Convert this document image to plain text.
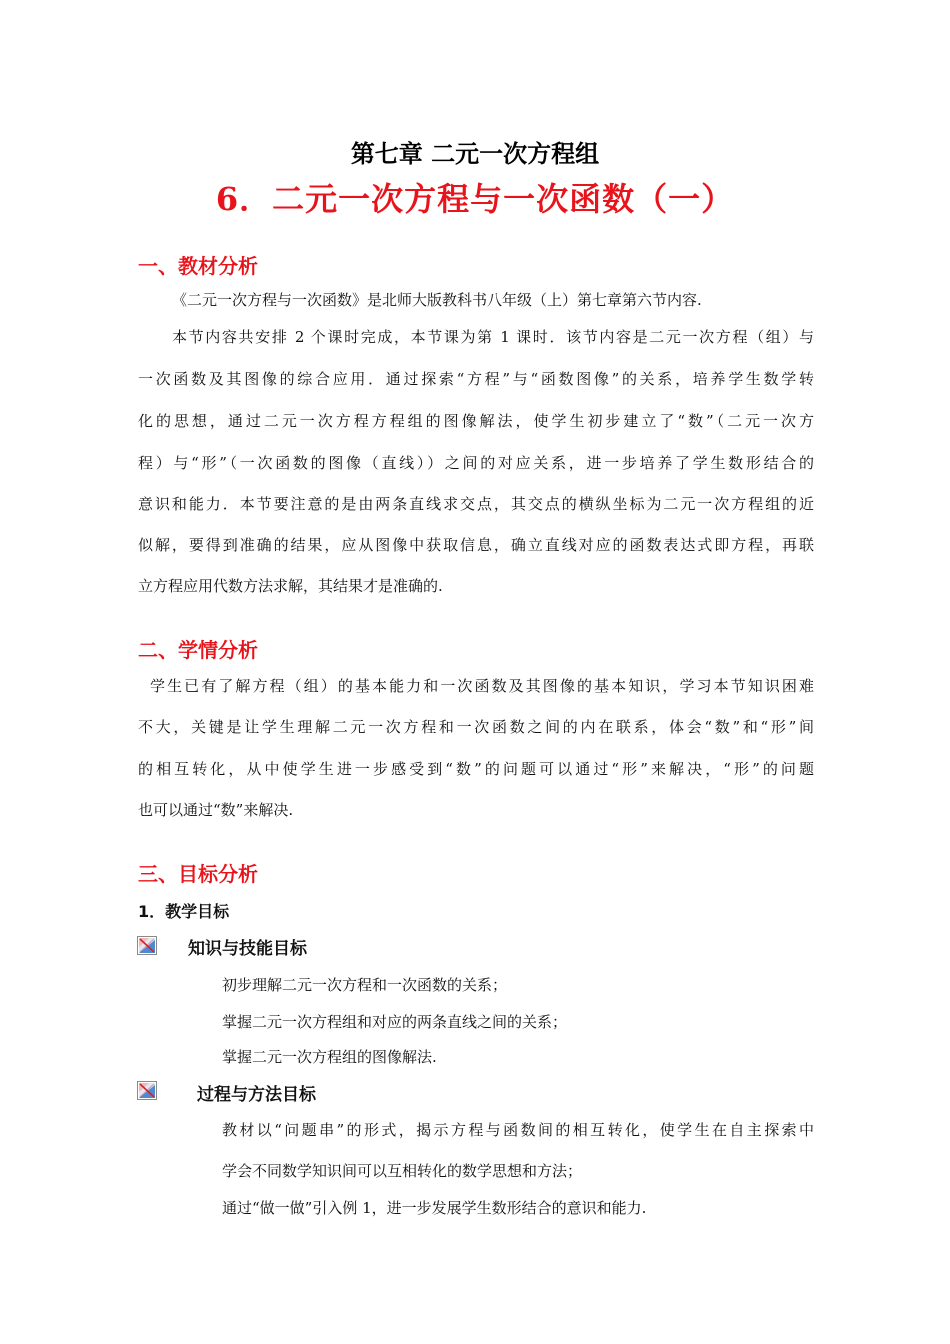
第七章 二元一次方程组
6．二元一次方程与一次函数（一）
一、教材分析
《二元一次方程与一次函数》是北师大版教科书八年级（上）第七章第六节内容.
本节内容共安排 2 个课时完成，本节课为第 1 课时．该节内容是二元一次方程（组）与
一次函数及其图像的综合应用．通过探索“方程”与“函数图像”的关系，培养学生数学转
化的思想，通过二元一次方程方程组的图像解法，使学生初步建立了“数”（二元一次方
程）与“形”（一次函数的图像（直线））之间的对应关系，进一步培养了学生数形结合的
意识和能力．本节要注意的是由两条直线求交点，其交点的横纵坐标为二元一次方程组的近
似解，要得到准确的结果，应从图像中获取信息，确立直线对应的函数表达式即方程，再联
立方程应用代数方法求解，其结果才是准确的.
二、学情分析
学生已有了解方程（组）的基本能力和一次函数及其图像的基本知识，学习本节知识困难
不大，关键是让学生理解二元一次方程和一次函数之间的内在联系，体会“数”和“形”间
的相互转化，从中使学生进一步感受到“数”的问题可以通过“形”来解决，“形”的问题
也可以通过“数”来解决.
三、目标分析
1．教学目标
知识与技能目标
初步理解二元一次方程和一次函数的关系；
掌握二元一次方程组和对应的两条直线之间的关系；
掌握二元一次方程组的图像解法.
过程与方法目标
教材以“问题串”的形式，揭示方程与函数间的相互转化，使学生在自主探索中
学会不同数学知识间可以互相转化的数学思想和方法；
通过“做一做”引入例 1，进一步发展学生数形结合的意识和能力.
